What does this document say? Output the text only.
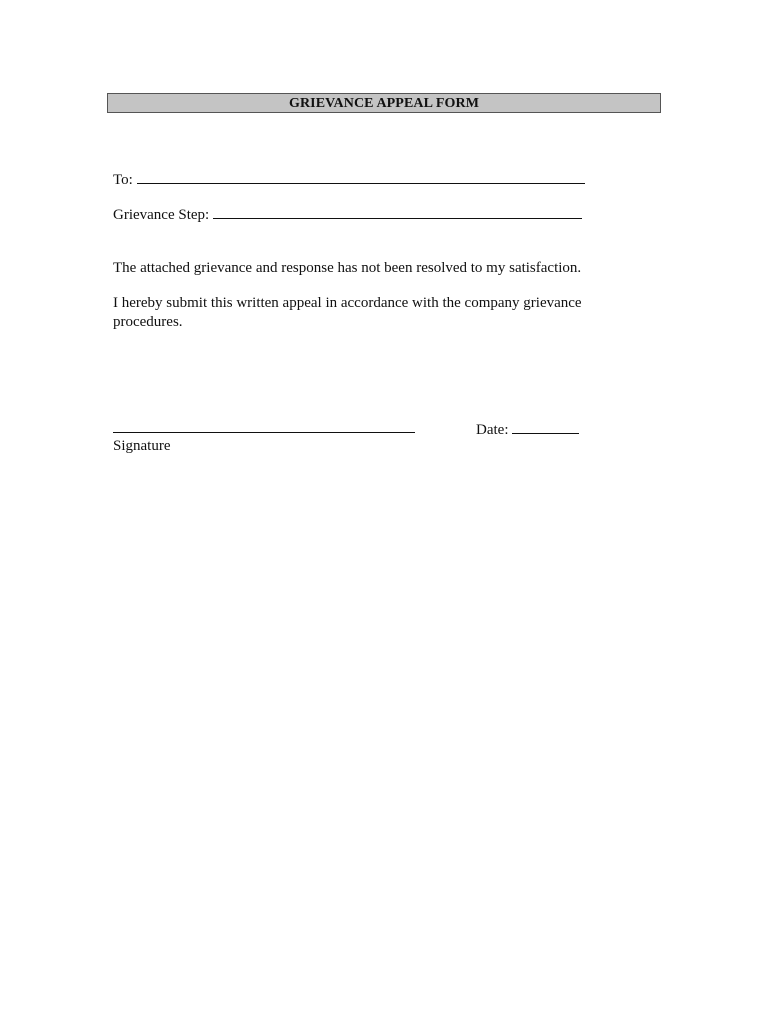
GRIEVANCE APPEAL FORM
To:
Grievance Step:
The attached grievance and response has not been resolved to my satisfaction.
I hereby submit this written appeal in accordance with the company grievance procedures.
Date:
Signature
